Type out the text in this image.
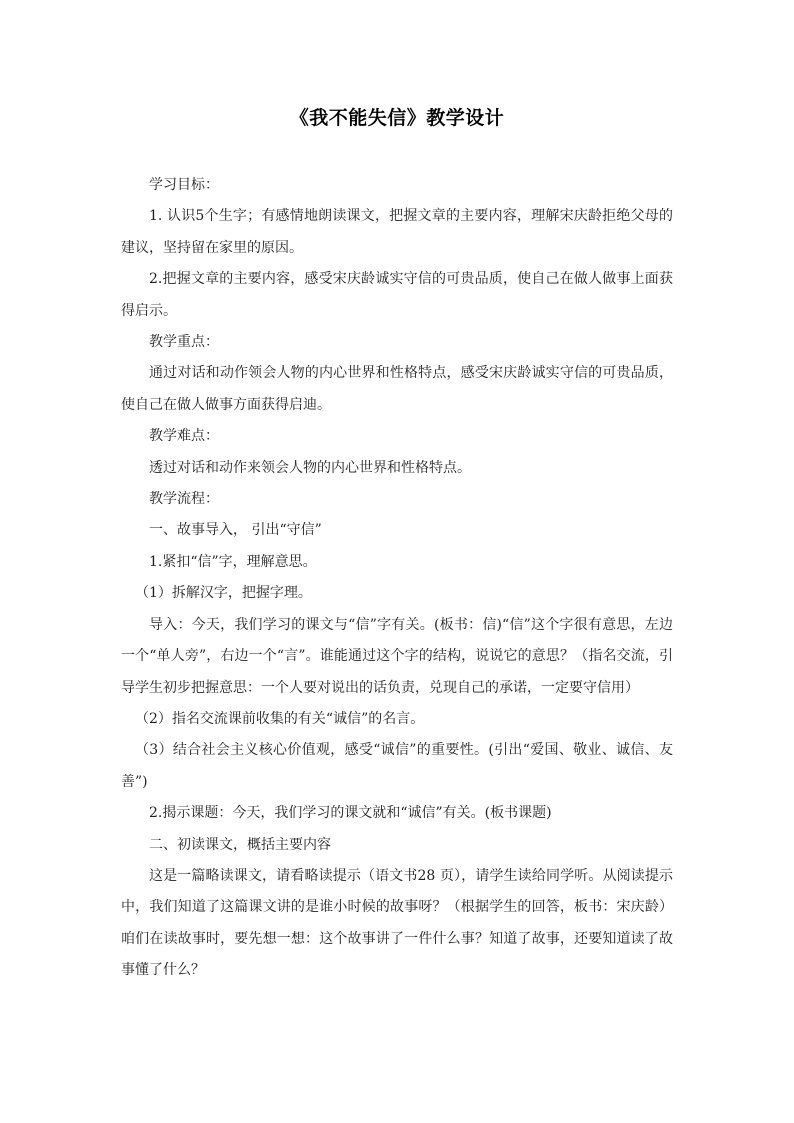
《我不能失信》教学设计

学习目标：

1. 认识5个生字；有感情地朗读课文，把握文章的主要内容，理解宋庆龄拒绝父母的建议，坚持留在家里的原因。

2.把握文章的主要内容，感受宋庆龄诚实守信的可贵品质，使自己在做人做事上面获得启示。

教学重点：

通过对话和动作领会人物的内心世界和性格特点，感受宋庆龄诚实守信的可贵品质，使自己在做人做事方面获得启迪。

教学难点：

透过对话和动作来领会人物的内心世界和性格特点。

教学流程：

一、故事导入， 引出“守信”

1.紧扣“信”字，理解意思。

（1）拆解汉字，把握字理。

导入：今天，我们学习的课文与“信”字有关。(板书：信)“信”这个字很有意思，左边一个“单人旁”，右边一个“言”。谁能通过这个字的结构，说说它的意思？（指名交流，引导学生初步把握意思：一个人要对说出的话负责，兑现自己的承诺，一定要守信用）

（2）指名交流课前收集的有关“诚信”的名言。

（3）结合社会主义核心价值观，感受“诚信”的重要性。(引出“爱国、敬业、诚信、友善”)

2.揭示课题：今天，我们学习的课文就和“诚信”有关。(板书课题)

二、初读课文，概括主要内容

这是一篇略读课文，请看略读提示（语文书28 页），请学生读给同学听。从阅读提示中，我们知道了这篇课文讲的是谁小时候的故事呀？（根据学生的回答，板书：宋庆龄）咱们在读故事时，要先想一想：这个故事讲了一件什么事？知道了故事，还要知道读了故事懂了什么？
